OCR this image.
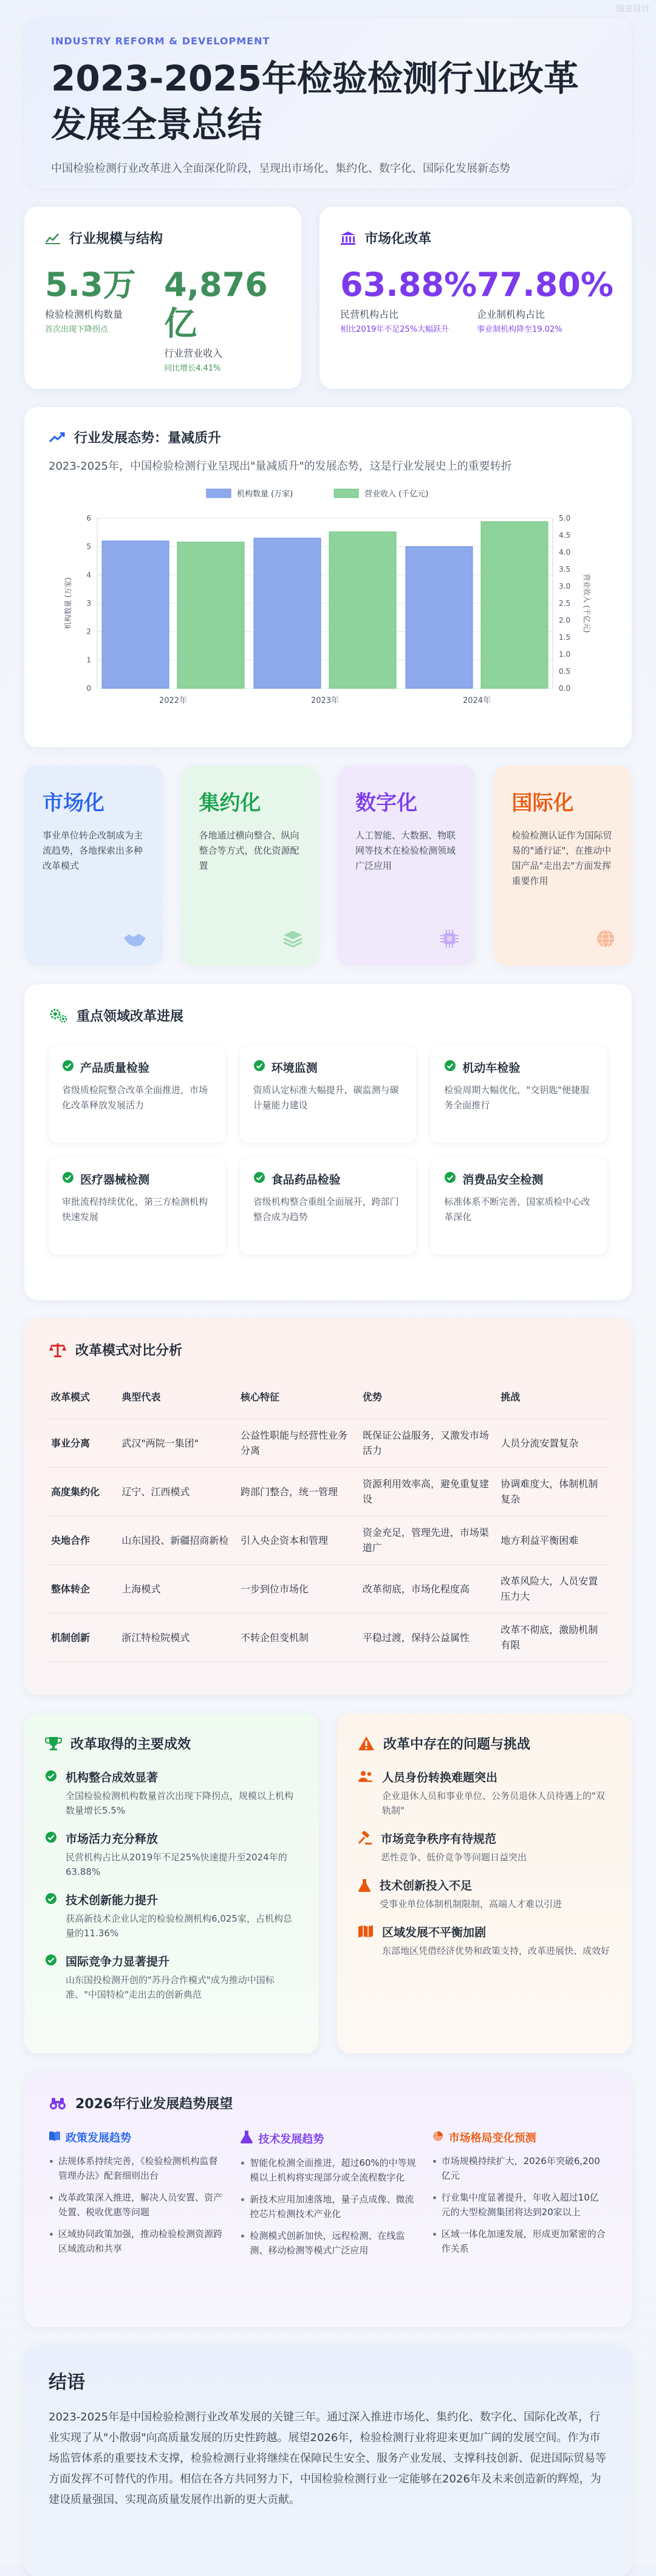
图虫设计
INDUSTRY REFORM & DEVELOPMENT
2023-2025年检验检测行业改革发展全景总结
中国检验检测行业改革进入全面深化阶段，呈现出市场化、集约化、数字化、国际化发展新态势
行业规模与结构
5.3万
检验检测机构数量
首次出现下降拐点
4,876亿
行业营业收入
同比增长4.41%
市场化改革
63.88%
民营机构占比
相比2019年不足25%大幅跃升
77.80%
企业制机构占比
事业制机构降至19.02%
行业发展态势：量减质升
2023-2025年，中国检验检测行业呈现出"量减质升"的发展态势，这是行业发展史上的重要转折
0
1
2
3
4
5
6
0.0
0.5
1.0
1.5
2.0
2.5
3.0
3.5
4.0
4.5
5.0
机构数量 (万家)	营业收入 (千亿元)
2022年	2023年	2024年
机构数量 (万家)	营业收入 (千亿元)
市场化
事业单位转企改制成为主流趋势，各地探索出多种改革模式
集约化
各地通过横向整合、纵向整合等方式，优化资源配置
数字化
人工智能、大数据、物联网等技术在检验检测领域广泛应用
国际化
检验检测认证作为国际贸易的"通行证"，在推动中国产品"走出去"方面发挥重要作用
重点领域改革进展
产品质量检验
省级质检院整合改革全面推进，市场化改革释放发展活力
环境监测
资质认定标准大幅提升，碳监测与碳计量能力建设
机动车检验
检验周期大幅优化，"交钥匙"便捷服务全面推行
医疗器械检测
审批流程持续优化，第三方检测机构快速发展
食品药品检验
省级机构整合重组全面展开，跨部门整合成为趋势
消费品安全检测
标准体系不断完善，国家质检中心改革深化
改革模式对比分析
改革模式	典型代表	核心特征	优势	挑战
事业分离	武汉"两院一集团"	公益性职能与经营性业务分离	既保证公益服务，又激发市场活力	人员分流安置复杂
高度集约化	辽宁、江西模式	跨部门整合，统一管理	资源利用效率高，避免重复建设	协调难度大，体制机制复杂
央地合作	山东国投、新疆招商新检	引入央企资本和管理	资金充足，管理先进，市场渠道广	地方利益平衡困难
整体转企	上海模式	一步到位市场化	改革彻底，市场化程度高	改革风险大，人员安置压力大
机制创新	浙江特检院模式	不转企但变机制	平稳过渡，保持公益属性	改革不彻底，激励机制有限
改革取得的主要成效
机构整合成效显著
全国检验检测机构数量首次出现下降拐点，规模以上机构数量增长5.5%
市场活力充分释放
民营机构占比从2019年不足25%快速提升至2024年的63.88%
技术创新能力提升
获高新技术企业认定的检验检测机构6,025家，占机构总量的11.36%
国际竞争力显著提升
山东国投检测开创的"苏丹合作模式"成为推动中国标准、"中国特检"走出去的创新典范
改革中存在的问题与挑战
人员身份转换难题突出
企业退休人员和事业单位、公务员退休人员待遇上的"双轨制"
市场竞争秩序有待规范
恶性竞争、低价竞争等问题日益突出
技术创新投入不足
受事业单位体制机制限制，高端人才难以引进
区域发展不平衡加剧
东部地区凭借经济优势和政策支持，改革进展快、成效好
2026年行业发展趋势展望
政策发展趋势
法规体系持续完善，《检验检测机构监督管理办法》配套细则出台
改革政策深入推进，解决人员安置、资产处置、税收优惠等问题
区域协同政策加强，推动检验检测资源跨区域流动和共享
技术发展趋势
智能化检测全面推进，超过60%的中等规模以上机构将实现部分或全流程数字化
新技术应用加速落地，量子点成像、微流控芯片检测技术产业化
检测模式创新加快，远程检测、在线监测、移动检测等模式广泛应用
市场格局变化预测
市场规模持续扩大，2026年突破6,200亿元
行业集中度显著提升，年收入超过10亿元的大型检测集团将达到20家以上
区域一体化加速发展，形成更加紧密的合作关系
结语
2023-2025年是中国检验检测行业改革发展的关键三年。通过深入推进市场化、集约化、数字化、国际化改革，行业实现了从"小散弱"向高质量发展的历史性跨越。展望2026年，检验检测行业将迎来更加广阔的发展空间。作为市场监管体系的重要技术支撑，检验检测行业将继续在保障民生安全、服务产业发展、支撑科技创新、促进国际贸易等方面发挥不可替代的作用。相信在各方共同努力下，中国检验检测行业一定能够在2026年及未来创造新的辉煌，为建设质量强国、实现高质量发展作出新的更大贡献。
